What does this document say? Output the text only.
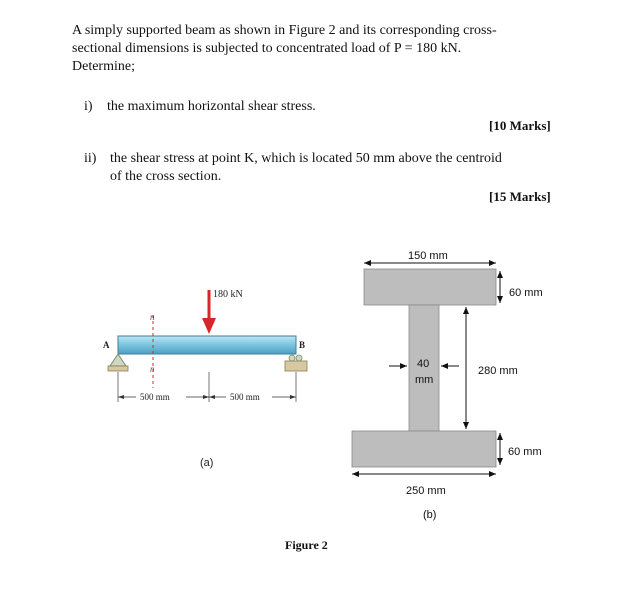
A simply supported beam as shown in Figure 2 and its corresponding cross-

sectional dimensions is subjected to concentrated load of P = 180 kN.

Determine;

i) the maximum horizontal shear stress.
[10 Marks]
ii) the shear stress at point K, which is located 50 mm above the centroid
of the cross section.
[15 Marks]
n
n
180 kN
A	B
500 mm	500 mm
(a)
150 mm
60 mm
40
mm
280 mm
60 mm
250 mm
(b)
Figure 2
